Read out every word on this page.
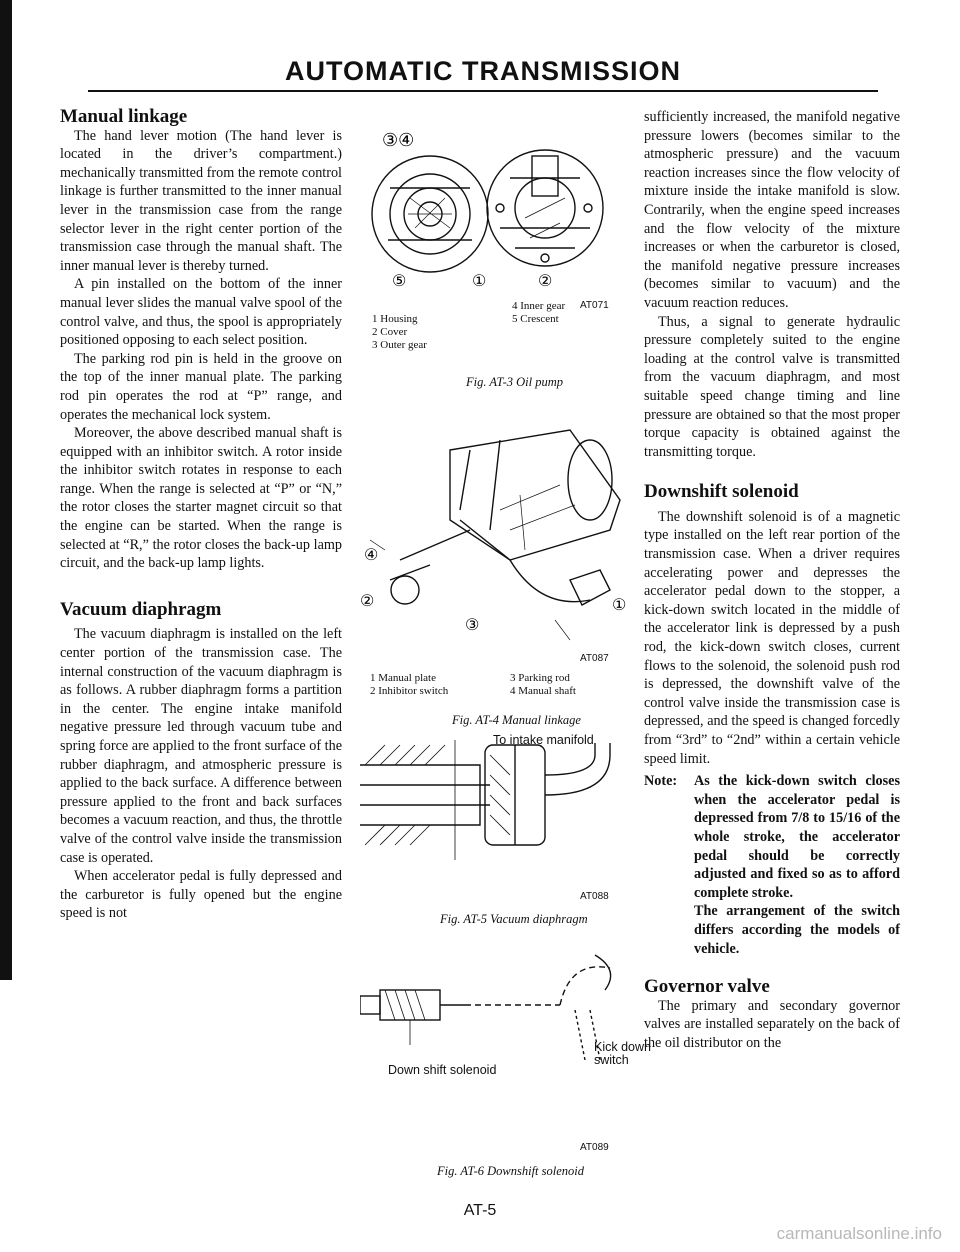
AUTOMATIC TRANSMISSION
Manual linkage

The hand lever motion (The hand lever is located in the driver’s compartment.) mechanically transmitted from the remote control linkage is further transmitted to the inner manual lever in the transmission case from the range selector lever in the right center portion of the transmission case through the manual shaft. The inner manual lever is thereby turned.

A pin installed on the bottom of the inner manual lever slides the manual valve spool of the control valve, and thus, the spool is appropriately positioned opposing to each select position.

The parking rod pin is held in the groove on the top of the inner manual plate. The parking rod pin operates the rod at “P” range, and operates the mechanical lock system.

Moreover, the above described manual shaft is equipped with an inhibitor switch. A rotor inside the inhibitor switch rotates in response to each range. When the range is selected at “P” or “N,” the rotor closes the starter magnet circuit so that the engine can be started. When the range is selected at “R,” the rotor closes the back-up lamp circuit, and the back-up lamp lights.

Vacuum diaphragm

The vacuum diaphragm is installed on the left center portion of the transmission case. The internal construction of the vacuum diaphragm is as follows. A rubber diaphragm forms a partition in the center. The engine intake manifold negative pressure led through vacuum tube and spring force are applied to the front surface of the rubber diaphragm, and atmospheric pressure is applied to the back surface. A difference between pressure applied to the front and back surfaces becomes a vacuum reaction, and thus, the throttle valve of the control valve inside the transmission case is operated.

When accelerator pedal is fully depressed and the carburetor is fully opened but the engine speed is not

③④
⑤	①	②
AT071
1 Housing
2 Cover
3 Outer gear
4 Inner gear
5 Crescent
Fig. AT-3 Oil pump
④
②
③
①
AT087
1 Manual plate
2 Inhibitor switch
3 Parking rod
4 Manual shaft
Fig. AT-4 Manual linkage
To intake manifold
AT088
Fig. AT-5 Vacuum diaphragm
Kick down switch
Down shift solenoid
AT089
Fig. AT-6 Downshift solenoid

sufficiently increased, the manifold negative pressure lowers (becomes similar to the atmospheric pressure) and the vacuum reaction increases since the flow velocity of mixture inside the intake manifold is slow. Contrarily, when the engine speed increases and the flow velocity of the mixture increases or when the carburetor is closed, the manifold negative pressure increases (becomes similar to vacuum) and the vacuum reaction reduces.

Thus, a signal to generate hydraulic pressure completely suited to the engine loading at the control valve is transmitted from the vacuum diaphragm, and most suitable speed change timing and line pressure are obtained so that the most proper torque capacity is obtained against the transmitting torque.

Downshift solenoid

The downshift solenoid is of a magnetic type installed on the left rear portion of the transmission case. When a driver requires accelerating power and depresses the accelerator pedal down to the stopper, a kick-down switch located in the middle of the accelerator link is depressed by a push rod, the kick-down switch closes, current flows to the solenoid, the solenoid push rod is depressed, the downshift valve of the control valve inside the transmission case is depressed, and the speed is changed forcedly from “3rd” to “2nd” within a certain vehicle speed limit.

Note:	As the kick-down switch closes when the accelerator pedal is depressed from 7/8 to 15/16 of the whole stroke, the accelerator pedal should be correctly adjusted and fixed so as to afford complete stroke.

The arrangement of the switch differs according the models of vehicle.

Governor valve

The primary and secondary governor valves are installed separately on the back of the oil distributor on the

AT-5
carmanualsonline.info
